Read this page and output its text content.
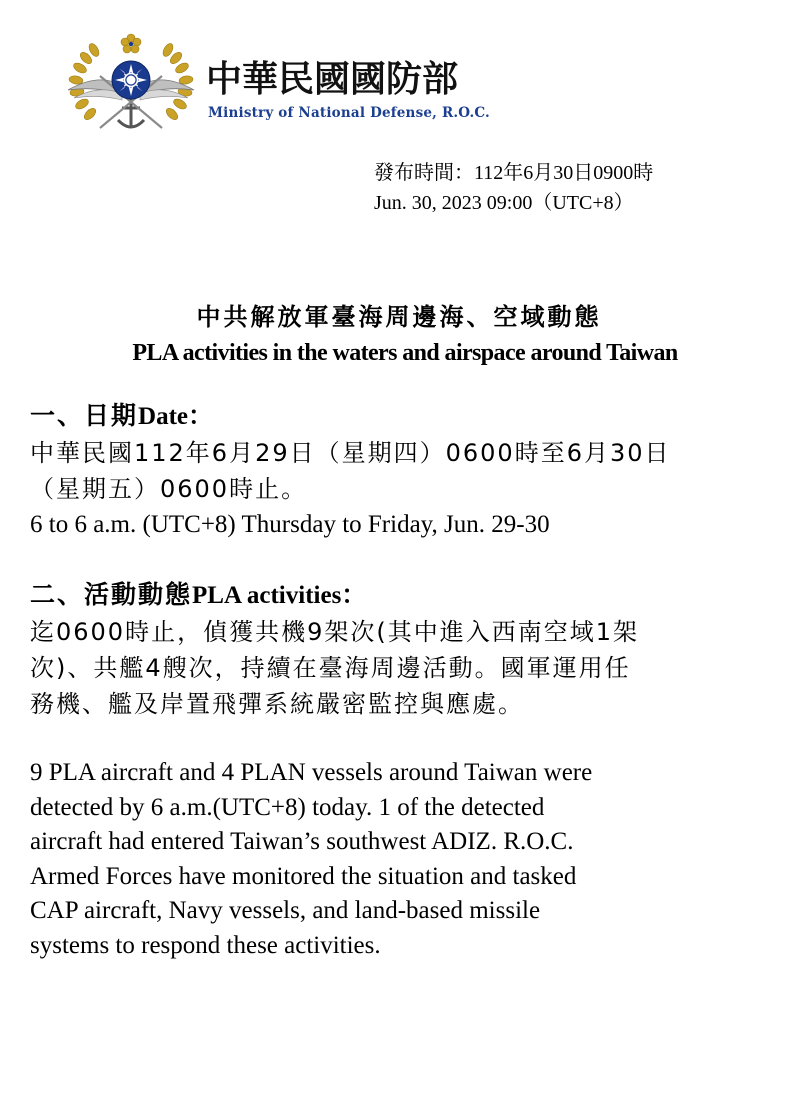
中華民國國防部
Ministry of National Defense, R.O.C.
發布時間：112年6月30日0900時
Jun. 30, 2023 09:00（UTC+8）
中共解放軍臺海周邊海、空域動態
PLA activities in the waters and airspace around Taiwan
一、日期Date：
中華民國112年6月29日（星期四）0600時至6月30日
（星期五）0600時止。
6 to 6 a.m. (UTC+8) Thursday to Friday, Jun. 29-30
二、活動動態PLA activities：
迄0600時止，偵獲共機9架次(其中進入西南空域1架
次)、共艦4艘次，持續在臺海周邊活動。國軍運用任
務機、艦及岸置飛彈系統嚴密監控與應處。
9 PLA aircraft and 4 PLAN vessels around Taiwan were
detected by 6 a.m.(UTC+8) today. 1 of the detected
aircraft had entered Taiwan’s southwest ADIZ. R.O.C.
Armed Forces have monitored the situation and tasked
CAP aircraft, Navy vessels, and land-based missile
systems to respond these activities.
